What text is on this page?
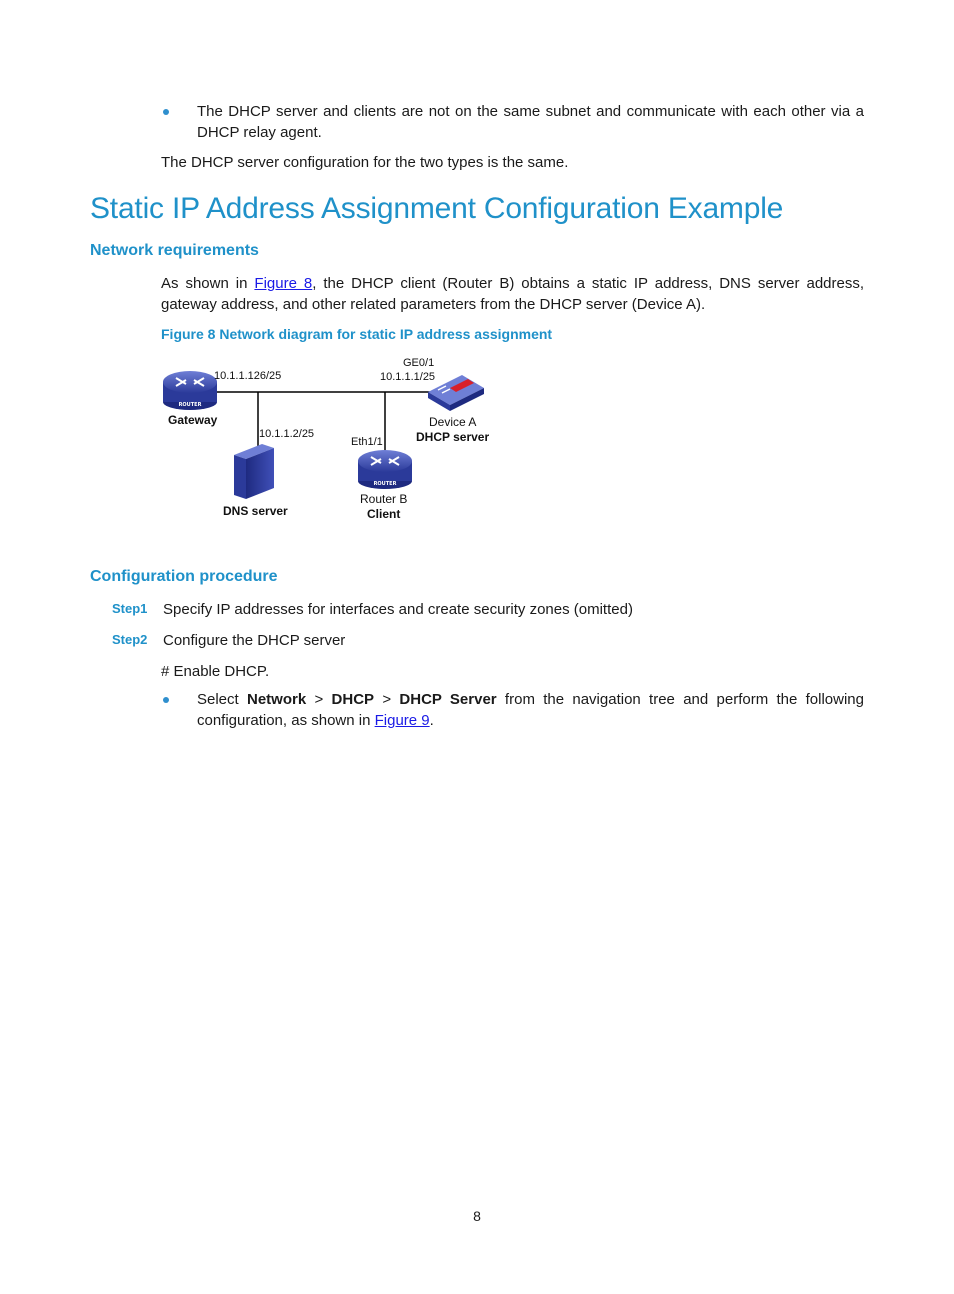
The DHCP server and clients are not on the same subnet and communicate with each other via a DHCP relay agent.
The DHCP server configuration for the two types is the same.
Static IP Address Assignment Configuration Example
Network requirements
As shown in Figure 8, the DHCP client (Router B) obtains a static IP address, DNS server address, gateway address, and other related parameters from the DHCP server (Device A).
Figure 8 Network diagram for static IP address assignment
ROUTER
ROUTER
10.1.1.126/25
Gateway
10.1.1.2/25
DNS server
GE0/1
10.1.1.1/25
Device A
DHCP server
Eth1/1
Router B
Client
Configuration procedure
Step1 Specify IP addresses for interfaces and create security zones (omitted)
Step2 Configure the DHCP server
# Enable DHCP.
Select Network > DHCP > DHCP Server from the navigation tree and perform the following configuration, as shown in Figure 9.
8
